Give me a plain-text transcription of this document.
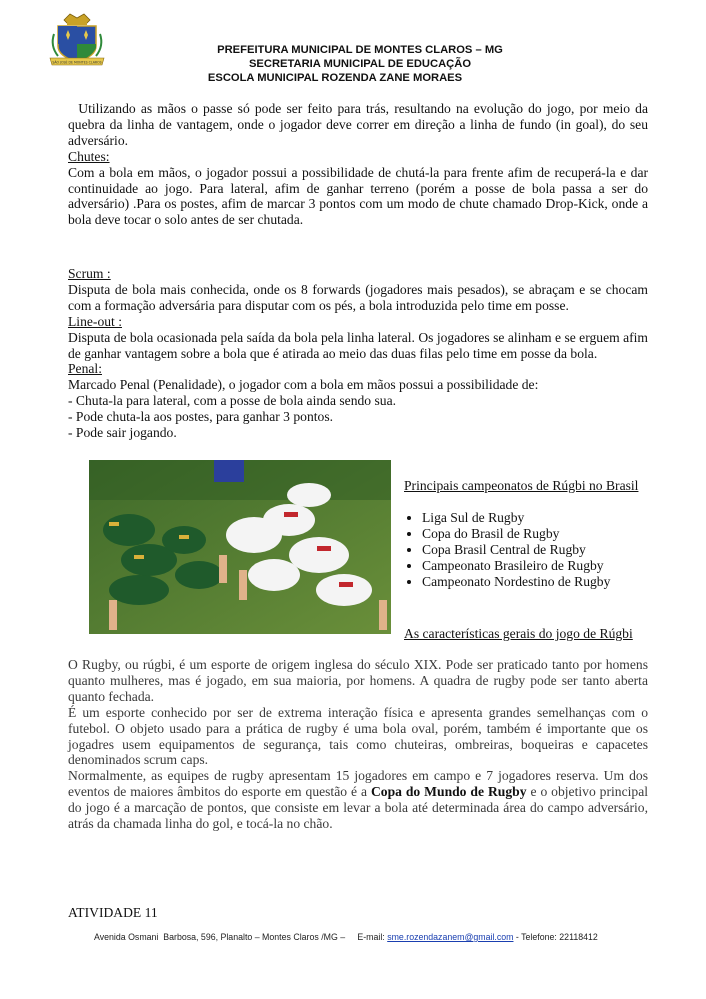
SÃO JOSÉ DE MONTES CLAROS
PREFEITURA MUNICIPAL DE MONTES CLAROS – MG
SECRETARIA MUNICIPAL DE EDUCAÇÃO
ESCOLA MUNICIPAL ROZENDA ZANE MORAES

Utilizando as mãos o passe só pode ser feito para trás, resultando na evolução do jogo, por meio da quebra da linha de vantagem, onde o jogador deve correr em direção a linha de fundo (in goal), do seu adversário.

Chutes:

Com a bola em mãos, o jogador possui a possibilidade de chutá-la para frente afim de recuperá-la e dar continuidade ao jogo. Para lateral, afim de ganhar terreno (porém a posse de bola passa a ser do adversário) .Para os postes, afim de marcar 3 pontos com um modo de chute chamado Drop-Kick, onde a bola deve tocar o solo antes de ser chutada.

Scrum :

Disputa de bola mais conhecida, onde os 8 forwards (jogadores mais pesados), se abraçam e se chocam com a formação adversária para disputar com os pés, a bola introduzida pelo time em posse.

Line-out :

Disputa de bola ocasionada pela saída da bola pela linha lateral. Os jogadores se alinham e se erguem afim de ganhar vantagem sobre a bola que é atirada ao meio das duas filas pelo time em posse da bola.

Penal:

Marcado Penal (Penalidade), o jogador com a bola em mãos possui a possibilidade de:

- Chuta-la para lateral, com a posse de bola ainda sendo sua.

- Pode chuta-la aos postes, para ganhar 3 pontos.

- Pode sair jogando.

Principais campeonatos de Rúgbi no Brasil
• Liga Sul de Rugby
• Copa do Brasil de Rugby
• Copa Brasil Central de Rugby
• Campeonato Brasileiro de Rugby
• Campeonato Nordestino de Rugby
As características gerais do jogo de Rúgbi

O Rugby, ou rúgbi, é um esporte de origem inglesa do século XIX. Pode ser praticado tanto por homens quanto mulheres, mas é jogado, em sua maioria, por homens. A quadra de rugby pode ser tanto aberta quanto fechada.

É um esporte conhecido por ser de extrema interação física e apresenta grandes semelhanças com o futebol. O objeto usado para a prática de rugby é uma bola oval, porém, também é importante que os jogadres usem equipamentos de segurança, tais como chuteiras, ombreiras, boqueiras e capacetes denominados scrum caps.

Normalmente, as equipes de rugby apresentam 15 jogadores em campo e 7 jogadores reserva. Um dos eventos de maiores âmbitos do esporte em questão é a Copa do Mundo de Rugby e o objetivo principal do jogo é a marcação de pontos, que consiste em levar a bola até determinada área do campo adversário, atrás da chamada linha do gol, e tocá-la no chão.

ATIVIDADE 11
Avenida Osmani  Barbosa, 596, Planalto – Montes Claros /MG –     E-mail: sme.rozendazanem@gmail.com - Telefone: 22118412
